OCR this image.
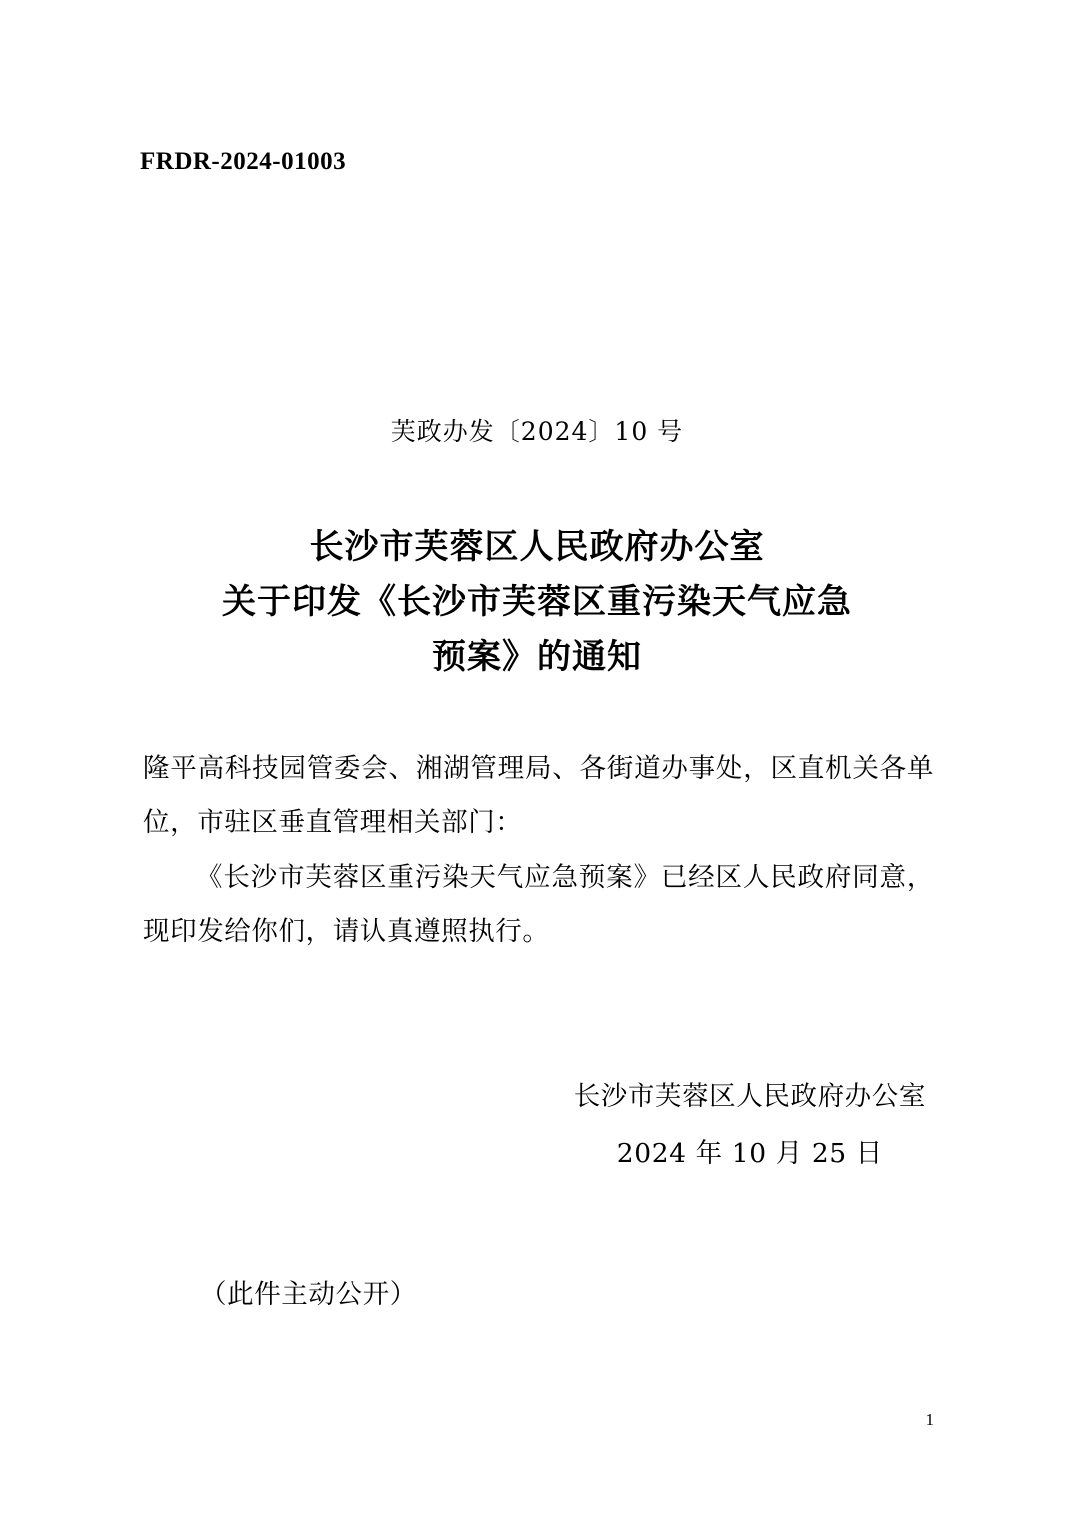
FRDR-2024-01003
芙政办发〔2024〕10 号
长沙市芙蓉区人民政府办公室
关于印发《长沙市芙蓉区重污染天气应急
预案》的通知

隆平高科技园管委会、湘湖管理局、各街道办事处，区直机关各单位，市驻区垂直管理相关部门：

《长沙市芙蓉区重污染天气应急预案》已经区人民政府同意，现印发给你们，请认真遵照执行。

长沙市芙蓉区人民政府办公室
2024 年 10 月 25 日
（此件主动公开）
1
